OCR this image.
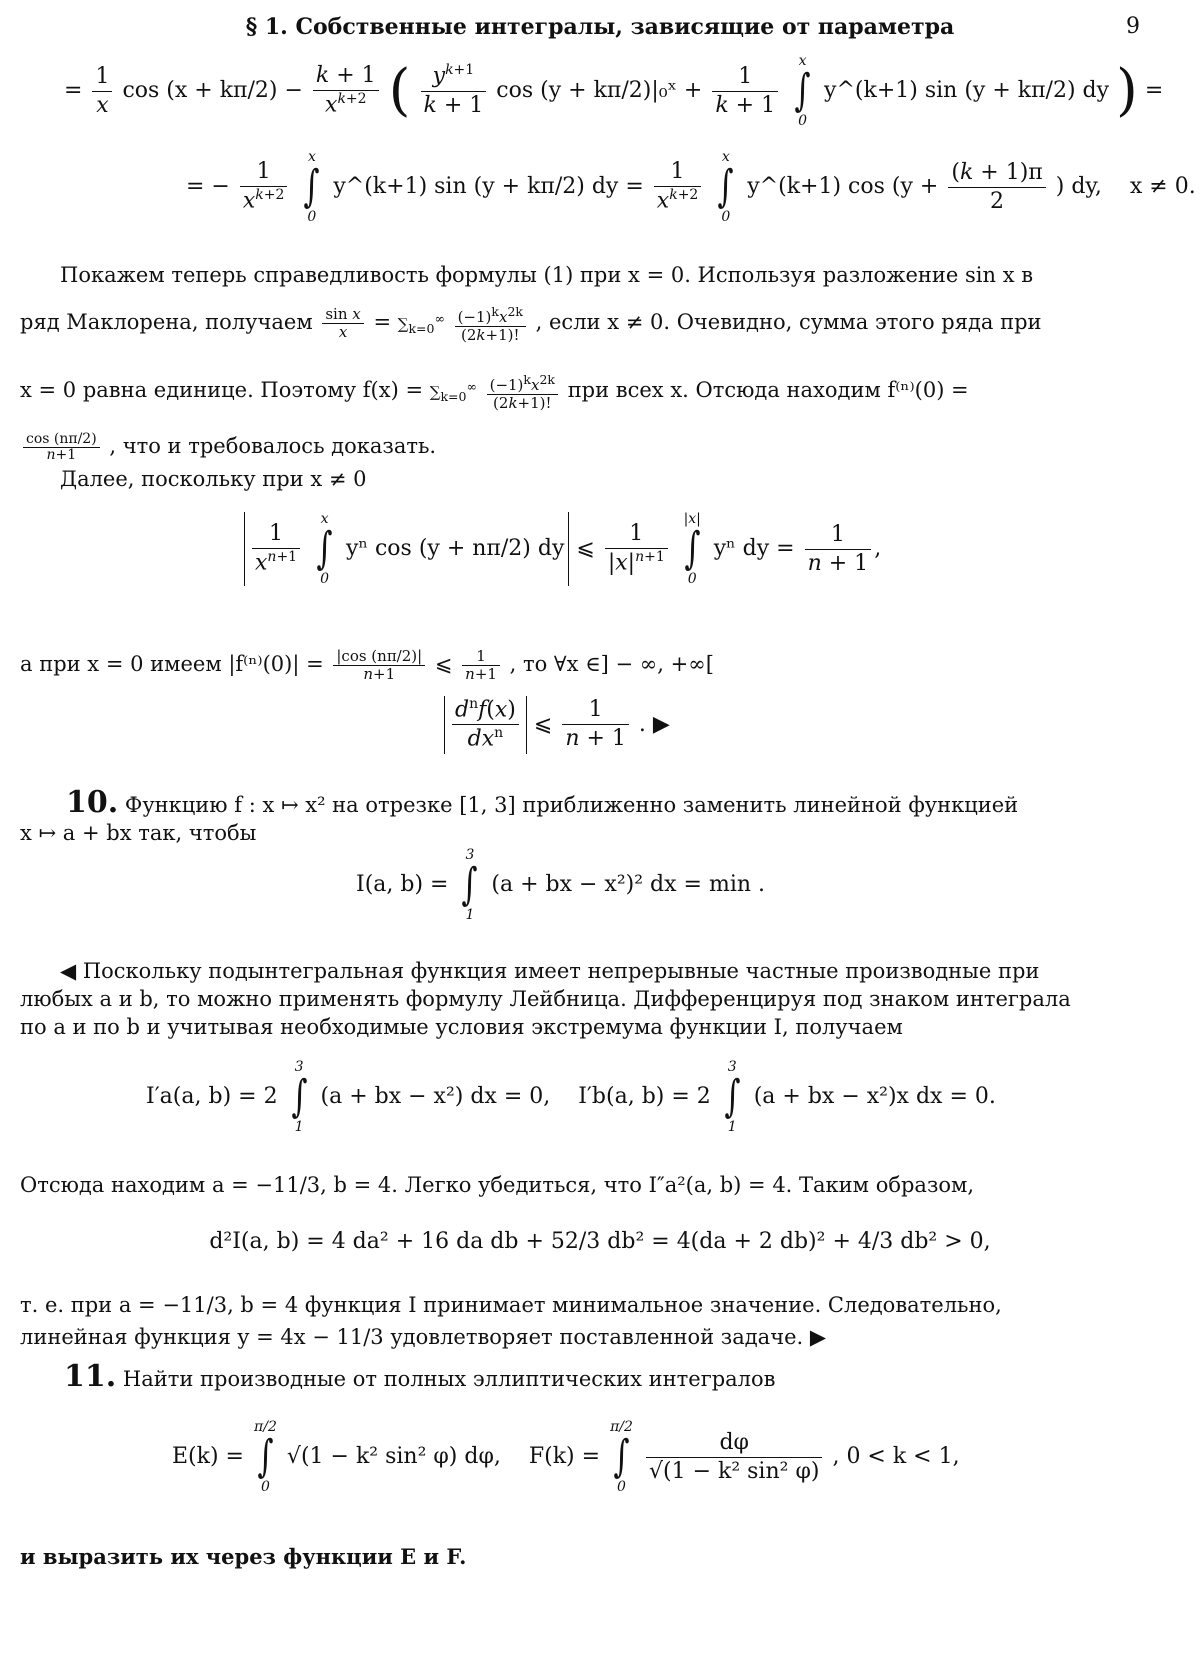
§ 1. Собственные интегралы, зависящие от параметра	9
= $\frac{1}{x}$ $\cos (x + k\pi/2) - \frac{k + 1}{x^{k+2}}$ ( $\frac{y^{k+1}}{k + 1}$ cos (y + kπ/2)|₀ˣ + $\frac{1}{k + 1}$

x
∫
0
y^(k+1) sin (y + kπ/2) dy ) =
= − $\frac{1}{x^{k+2}}$

x
∫
0
y^(k+1) sin (y + kπ/2) dy = $\frac{1}{x^{k+2}}$

x
∫
0
y^(k+1) $\cos (y + \frac{(k + 1)\pi}{2}$ ) dy, x ≠ 0.
Покажем теперь справедливость формулы (1) при x = 0. Используя разложение sin x в
ряд Маклорена, получаем $\frac{\text{sin x}}{x} = \sum_{k=0}^\infty \frac{(-1)^kx^{2k}}{(2k+1)!}$ , если x ≠ 0. Очевидно, сумма этого ряда при
x = 0 равна единице. Поэтому $f(x) = \sum_{k=0}^\infty \frac{(-1)^kx^{2k}}{(2k+1)!}$ при всех x. Отсюда находим f⁽ⁿ⁾(0) =
$\frac{\cos (n\pi/2)}{n+1}$ , что и требовалось доказать.
Далее, поскольку при x ≠ 0
$\frac{1}{x^{n+1}}$

x
∫
0
yⁿ cos (y + nπ/2) dy ⩽ $\frac{1}{|x|^{n+1}}$

|x|
∫
0
yⁿ dy = $\frac{1}{n + 1}$ ,
а при x = 0 имеем $|f^{(n)}(0)| = \frac{|\cos (n\pi/2)|}{n+1}$ ⩽ $\frac{1}{n+1}$ , то ∀x ∈] − ∞, +∞[
$\frac{d^nf(x)}{dx^n}$ ⩽ $\frac{1}{n + 1}$ . ▶
10. Функцию f : x ↦ x² на отрезке [1, 3] приближенно заменить линейной функцией
x ↦ a + bx так, чтобы
I(a, b) =
3
∫
1
(a + bx − x²)² dx = min .
◀ Поскольку подынтегральная функция имеет непрерывные частные производные при
любых a и b, то можно применять формулу Лейбница. Дифференцируя под знаком интеграла
по a и по b и учитывая необходимые условия экстремума функции I, получаем
I′a(a, b) = 2
3
∫
1
(a + bx − x²) dx = 0, I′b(a, b) = 2
3
∫
1
(a + bx − x²)x dx = 0.
Отсюда находим a = −11/3, b = 4. Легко убедиться, что I″a²(a, b) = 4. Таким образом,
d²I(a, b) = 4 da² + 16 da db + 52/3 db² = 4(da + 2 db)² + 4/3 db² > 0,
т. е. при a = −11/3, b = 4 функция I принимает минимальное значение. Следовательно,
линейная функция y = 4x − 11/3 удовлетворяет поставленной задаче. ▶
11. Найти производные от полных эллиптических интегралов
E(k) =
π/2
∫
0
√(1 − k² sin² φ) dφ, F(k) =
π/2
∫
0

$\frac{d\varphi}{\text{√(1 − k² sin² φ)}}$ , 0 < k < 1,
и выразить их через функции E и F.
